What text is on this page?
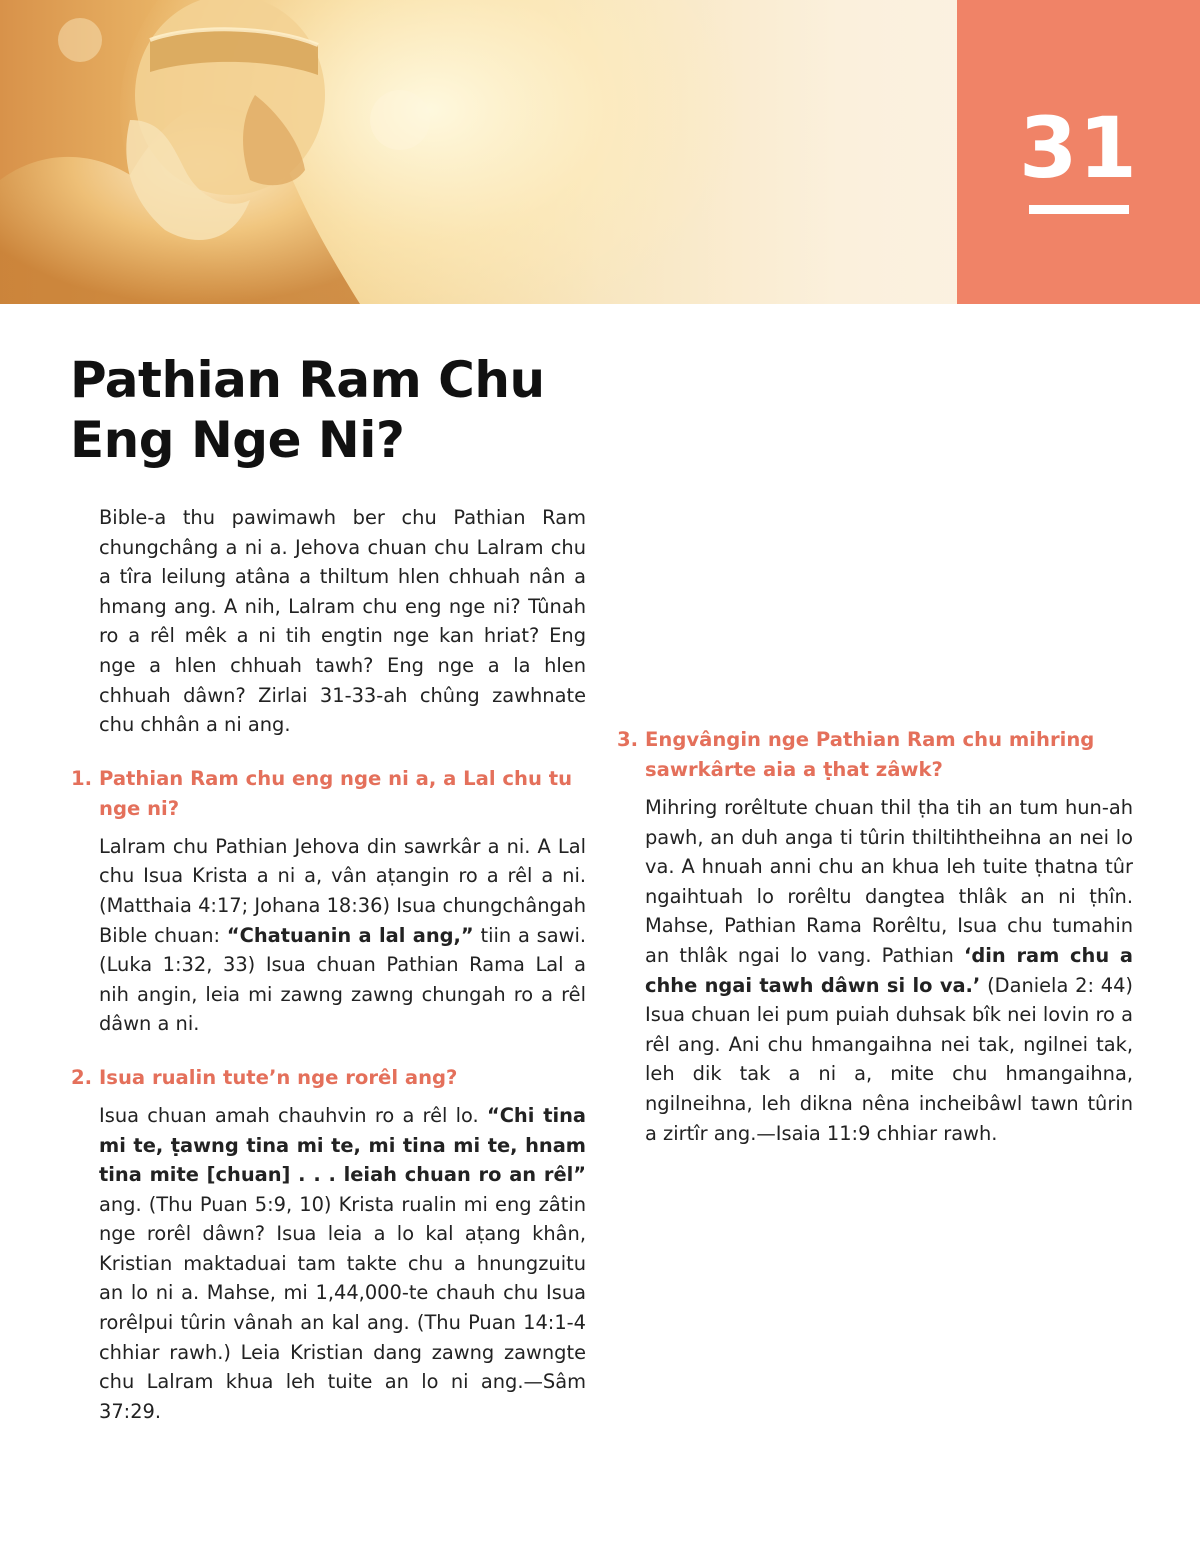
31
Pathian Ram Chu
Eng Nge Ni?

Bible-a thu pawimawh ber chu Pathian Ram chungchâng a ni a. Jehova chuan chu Lalram chu a tîra leilung atâna a thiltum hlen chhuah nân a hmang ang. A nih, Lalram chu eng nge ni? Tûnah ro a rêl mêk a ni tih engtin nge kan hriat? Eng nge a hlen chhuah tawh? Eng nge a la hlen chhuah dâwn? Zirlai 31-33-ah chûng zawhnate chu chhân a ni ang.

1. Pathian Ram chu eng nge ni a, a Lal chu tu nge ni?

Lalram chu Pathian Jehova din sawrkâr a ni. A Lal chu Isua Krista a ni a, vân aṭangin ro a rêl a ni. (Matthaia 4:17; Johana 18:36) Isua chungchângah Bible chuan: “Chatuanin a lal ang,” tiin a sawi. (Luka 1:32, 33) Isua chuan Pathian Rama Lal a nih angin, leia mi zawng zawng chungah ro a rêl dâwn a ni.

2. Isua rualin tute’n nge rorêl ang?

Isua chuan amah chauhvin ro a rêl lo. “Chi tina mi te, ṭawng tina mi te, mi tina mi te, hnam tina mite [chuan] . . . leiah chuan ro an rêl” ang. (Thu Puan 5:9, 10) Krista rualin mi eng zâtin nge rorêl dâwn? Isua leia a lo kal aṭang khân, Kristian maktaduai tam takte chu a hnungzuitu an lo ni a. Mahse, mi 1,44,000-te chauh chu Isua rorêlpui tûrin vânah an kal ang. (Thu Puan 14:1-4 chhiar rawh.) Leia Kristian dang zawng zawngte chu Lalram khua leh tuite an lo ni ang.—Sâm 37:29.

3. Engvângin nge Pathian Ram chu mihring sawrkârte aia a ṭhat zâwk?

Mihring rorêltute chuan thil ṭha tih an tum hun-ah pawh, an duh anga ti tûrin thiltihtheihna an nei lo va. A hnuah anni chu an khua leh tuite ṭhatna tûr ngaihtuah lo rorêltu dangtea thlâk an ni ṭhîn. Mahse, Pathian Rama Rorêltu, Isua chu tumahin an thlâk ngai lo vang. Pathian ‘din ram chu a chhe ngai tawh dâwn si lo va.’ (Daniela 2: 44) Isua chuan lei pum puiah duhsak bîk nei lovin ro a rêl ang. Ani chu hmangaihna nei tak, ngilnei tak, leh dik tak a ni a, mite chu hmangaihna, ngilneihna, leh dikna nêna incheibâwl tawn tûrin a zirtîr ang.—Isaia 11:9 chhiar rawh.
